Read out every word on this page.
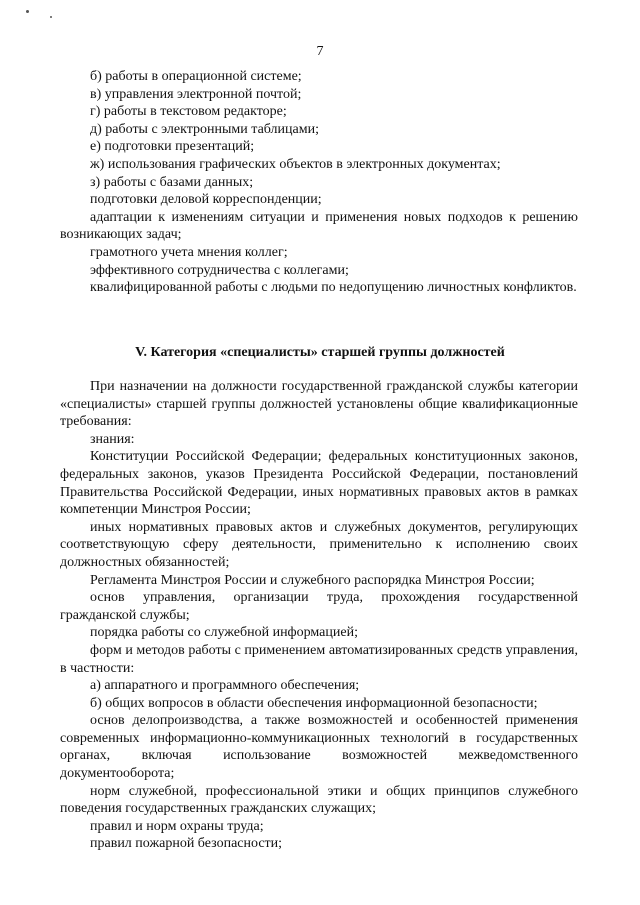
7

б) работы в операционной системе;

в) управления электронной почтой;

г) работы в текстовом редакторе;

д) работы с электронными таблицами;

е) подготовки презентаций;

ж) использования графических объектов в электронных документах;

з) работы с базами данных;

подготовки деловой корреспонденции;

адаптации к изменениям ситуации и применения новых подходов к решению возникающих задач;

грамотного учета мнения коллег;

эффективного сотрудничества с коллегами;

квалифицированной работы с людьми по недопущению личностных конфликтов.

V. Категория «специалисты» старшей группы должностей

При назначении на должности государственной гражданской службы категории «специалисты» старшей группы должностей установлены общие квалификационные требования:

знания:

Конституции Российской Федерации; федеральных конституционных законов, федеральных законов, указов Президента Российской Федерации, постановлений Правительства Российской Федерации, иных нормативных правовых актов в рамках компетенции Минстроя России;

иных нормативных правовых актов и служебных документов, регулирующих соответствующую сферу деятельности, применительно к исполнению своих должностных обязанностей;

Регламента Минстроя России и служебного распорядка Минстроя России;

основ управления, организации труда, прохождения государственной гражданской службы;

порядка работы со служебной информацией;

форм и методов работы с применением автоматизированных средств управления, в частности:

а) аппаратного и программного обеспечения;

б) общих вопросов в области обеспечения информационной безопасности;

основ делопроизводства, а также возможностей и особенностей применения современных информационно-коммуникационных технологий в государственных органах, включая использование возможностей межведомственного документооборота;

норм служебной, профессиональной этики и общих принципов служебного поведения государственных гражданских служащих;

правил и норм охраны труда;

правил пожарной безопасности;
